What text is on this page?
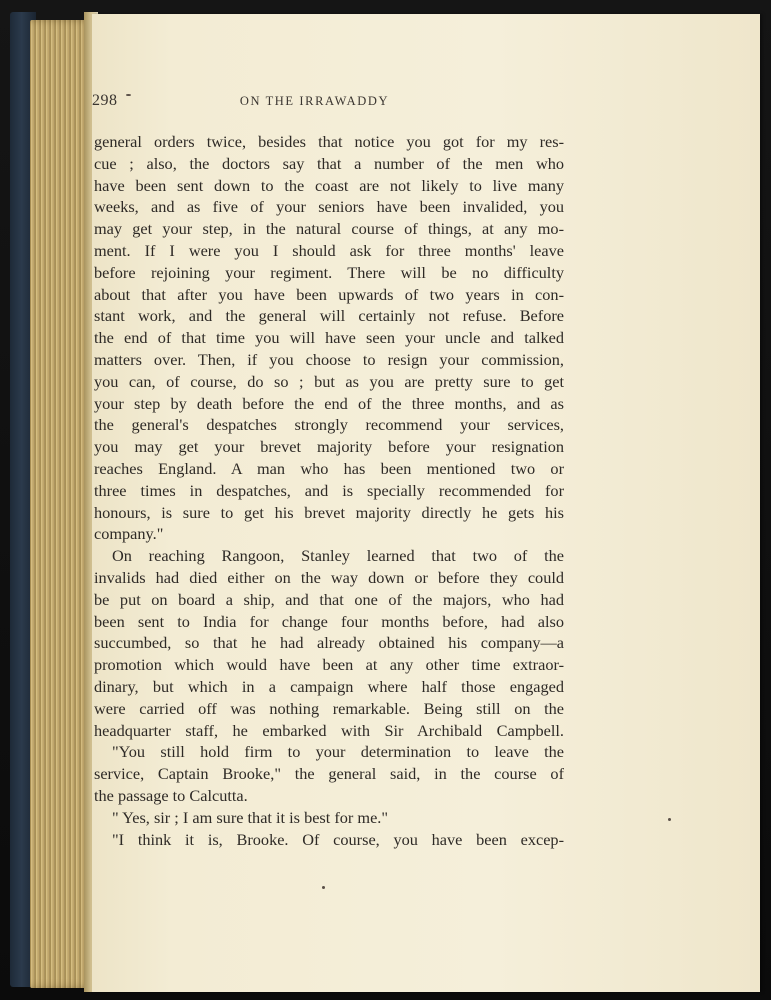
298	ON THE IRRAWADDY
general orders twice, besides that notice you got for my res-
cue ; also, the doctors say that a number of the men who
have been sent down to the coast are not likely to live many
weeks, and as five of your seniors have been invalided, you
may get your step, in the natural course of things, at any mo-
ment. If I were you I should ask for three months' leave
before rejoining your regiment. There will be no difficulty
about that after you have been upwards of two years in con-
stant work, and the general will certainly not refuse. Before
the end of that time you will have seen your uncle and talked
matters over. Then, if you choose to resign your commission,
you can, of course, do so ; but as you are pretty sure to get
your step by death before the end of the three months, and as
the general's despatches strongly recommend your services,
you may get your brevet majority before your resignation
reaches England. A man who has been mentioned two or
three times in despatches, and is specially recommended for
honours, is sure to get his brevet majority directly he gets his
company."
On reaching Rangoon, Stanley learned that two of the
invalids had died either on the way down or before they could
be put on board a ship, and that one of the majors, who had
been sent to India for change four months before, had also
succumbed, so that he had already obtained his company—a
promotion which would have been at any other time extraor-
dinary, but which in a campaign where half those engaged
were carried off was nothing remarkable. Being still on the
headquarter staff, he embarked with Sir Archibald Campbell.
"You still hold firm to your determination to leave the
service, Captain Brooke," the general said, in the course of
the passage to Calcutta.
" Yes, sir ; I am sure that it is best for me."
"I think it is, Brooke. Of course, you have been excep-
